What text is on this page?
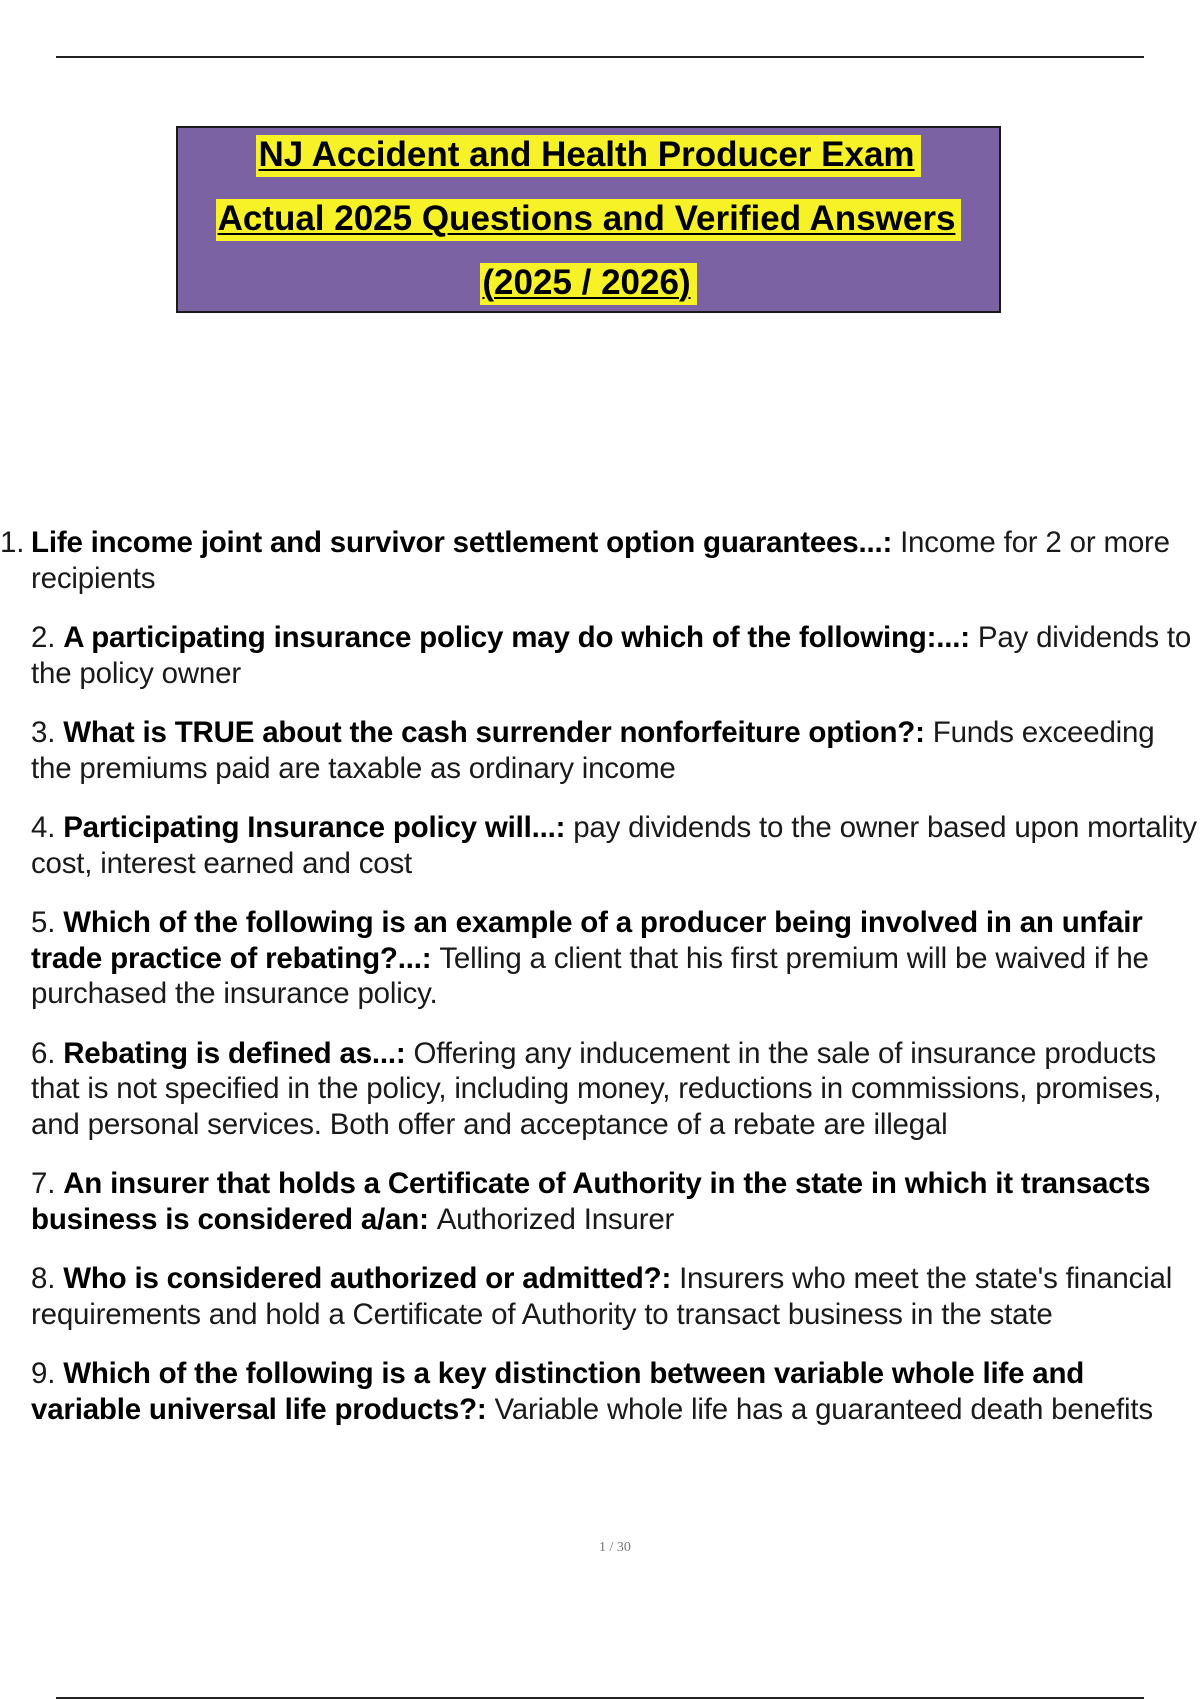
NJ Accident and Health Producer Exam
Actual 2025 Questions and Verified Answers
(2025 / 2026)
1. Life income joint and survivor settlement option guarantees...: Income for 2 or more recipients
2. A participating insurance policy may do which of the following:...: Pay dividends to the policy owner
3. What is TRUE about the cash surrender nonforfeiture option?: Funds exceeding the premiums paid are taxable as ordinary income
4. Participating Insurance policy will...: pay dividends to the owner based upon mortality cost, interest earned and cost
5. Which of the following is an example of a producer being involved in an unfair trade practice of rebating?...: Telling a client that his first premium will be waived if he purchased the insurance policy.
6. Rebating is defined as...: Offering any inducement in the sale of insurance products that is not specified in the policy, including money, reductions in commissions, promises, and personal services. Both offer and acceptance of a rebate are illegal
7. An insurer that holds a Certificate of Authority in the state in which it transacts business is considered a/an: Authorized Insurer
8. Who is considered authorized or admitted?: Insurers who meet the state's financial requirements and hold a Certificate of Authority to transact business in the state
9. Which of the following is a key distinction between variable whole life and variable universal life products?: Variable whole life has a guaranteed death benefits
1 / 30
